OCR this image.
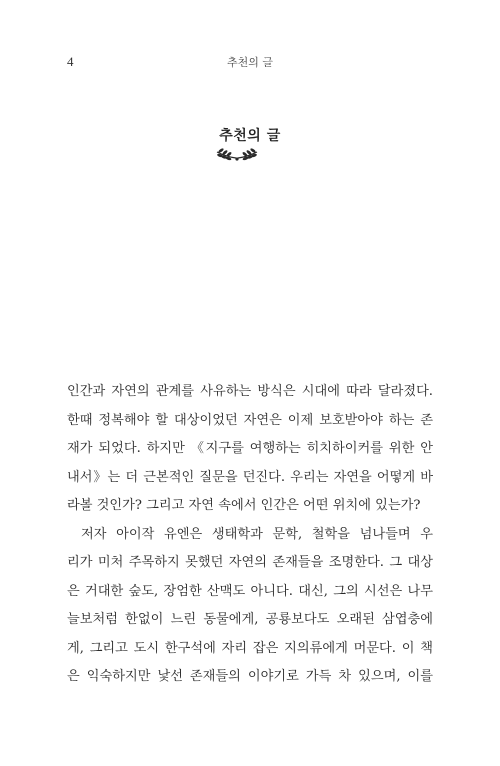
4	추천의 글
추천의 글
인간과 자연의 관계를 사유하는 방식은 시대에 따라 달라졌다.
한때 정복해야 할 대상이었던 자연은 이제 보호받아야 하는 존
재가 되었다. 하지만 《지구를 여행하는 히치하이커를 위한 안
내서》는 더 근본적인 질문을 던진다. 우리는 자연을 어떻게 바
라볼 것인가? 그리고 자연 속에서 인간은 어떤 위치에 있는가?
저자 아이작 유엔은 생태학과 문학, 철학을 넘나들며 우
리가 미처 주목하지 못했던 자연의 존재들을 조명한다. 그 대상
은 거대한 숲도, 장엄한 산맥도 아니다. 대신, 그의 시선은 나무
늘보처럼 한없이 느린 동물에게, 공룡보다도 오래된 삼엽충에
게, 그리고 도시 한구석에 자리 잡은 지의류에게 머문다. 이 책
은 익숙하지만 낯선 존재들의 이야기로 가득 차 있으며, 이를
